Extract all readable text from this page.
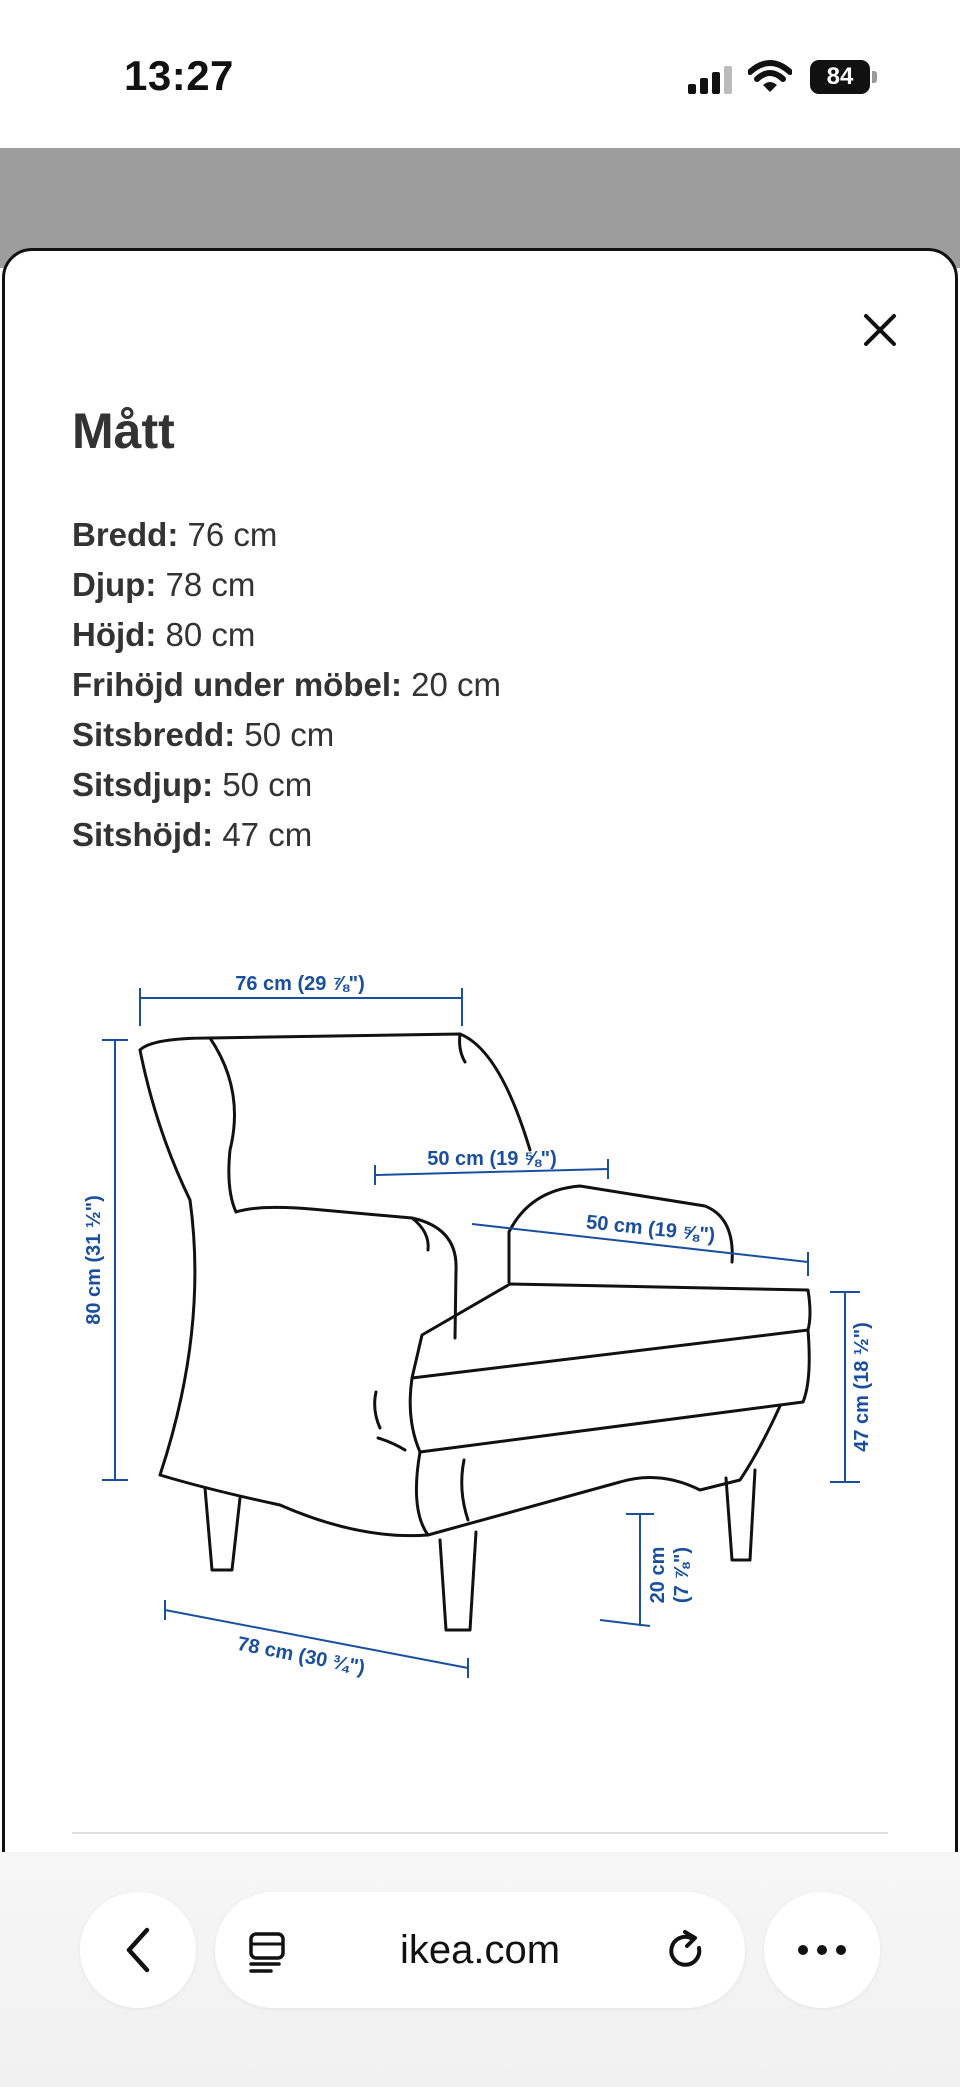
13:27	84
Mått
Bredd: 76 cm
Djup: 78 cm
Höjd: 80 cm
Frihöjd under möbel: 20 cm
Sitsbredd: 50 cm
Sitsdjup: 50 cm
Sitshöjd: 47 cm
76 cm (29 ⅞")
50 cm (19 ⅝")
50 cm (19 ⅝")
80 cm (31 ½")
47 cm (18 ½")
20 cm (7 ⅞")
78 cm (30 ¾")
ikea.com
